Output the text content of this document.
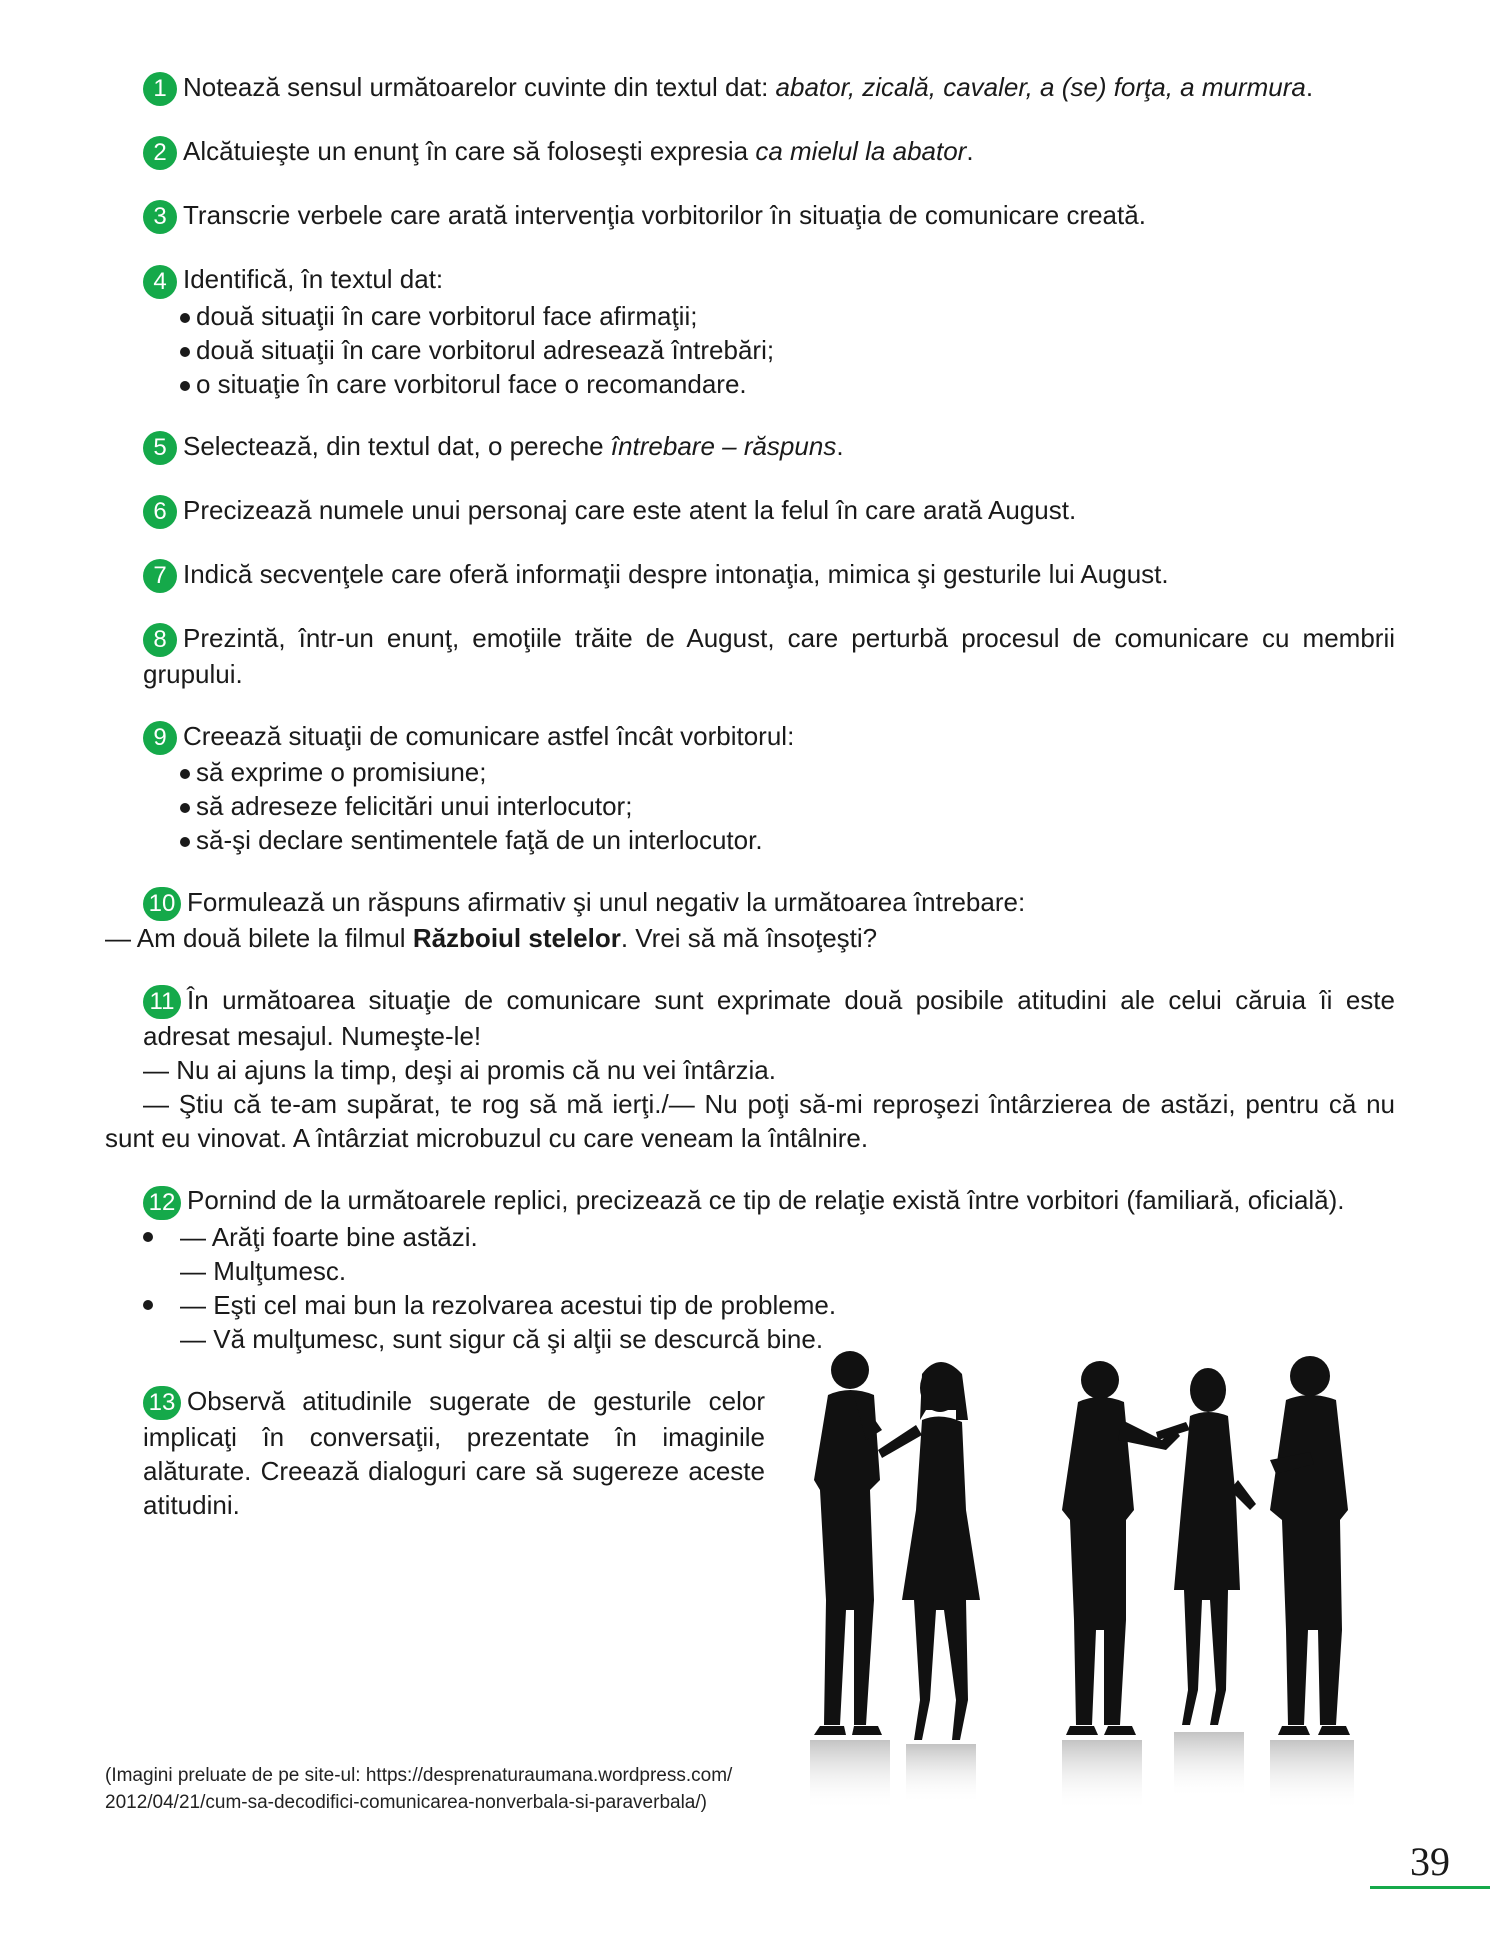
1 Notează sensul următoarelor cuvinte din textul dat: abator, zicală, cavaler, a (se) forţa, a murmura.

2 Alcătuieşte un enunţ în care să foloseşti expresia ca mielul la abator.

3 Transcrie verbele care arată intervenţia vorbitorilor în situaţia de comunicare creată.

4 Identifică, în textul dat:

două situaţii în care vorbitorul face afirmaţii;

două situaţii în care vorbitorul adresează întrebări;

o situaţie în care vorbitorul face o recomandare.

5 Selectează, din textul dat, o pereche întrebare – răspuns.

6 Precizează numele unui personaj care este atent la felul în care arată August.

7 Indică secvenţele care oferă informaţii despre intonaţia, mimica şi gesturile lui August.

8 Prezintă, într-un enunţ, emoţiile trăite de August, care perturbă procesul de comunicare cu membrii grupului.

9 Creează situaţii de comunicare astfel încât vorbitorul:

să exprime o promisiune;

să adreseze felicitări unui interlocutor;

să-şi declare sentimentele faţă de un interlocutor.

10 Formulează un răspuns afirmativ şi unul negativ la următoarea întrebare:

— Am două bilete la filmul Războiul stelelor. Vrei să mă însoţeşti?

11 În următoarea situaţie de comunicare sunt exprimate două posibile atitudini ale celui căruia îi este adresat mesajul. Numeşte-le!

— Nu ai ajuns la timp, deşi ai promis că nu vei întârzia.

— Ştiu că te-am supărat, te rog să mă ierţi./— Nu poţi să-mi reproşezi întârzierea de astăzi, pentru că nu sunt eu vinovat. A întârziat microbuzul cu care veneam la întâlnire.

12 Pornind de la următoarele replici, precizează ce tip de relaţie există între vorbitori (familiară, oficială).

— Arăţi foarte bine astăzi.

— Mulţumesc.

— Eşti cel mai bun la rezolvarea acestui tip de probleme.

— Vă mulţumesc, sunt sigur că şi alţii se descurcă bine.

13 Observă atitudinile sugerate de gesturile celor implicaţi în conversaţii, prezentate în imaginile alăturate. Creează dialoguri care să sugereze aceste atitudini.

(Imagini preluate de pe site-ul: https://desprenaturaumana.wordpress.com/ 2012/04/21/cum-sa-decodifici-comunicarea-nonverbala-si-paraverbala/)
39
